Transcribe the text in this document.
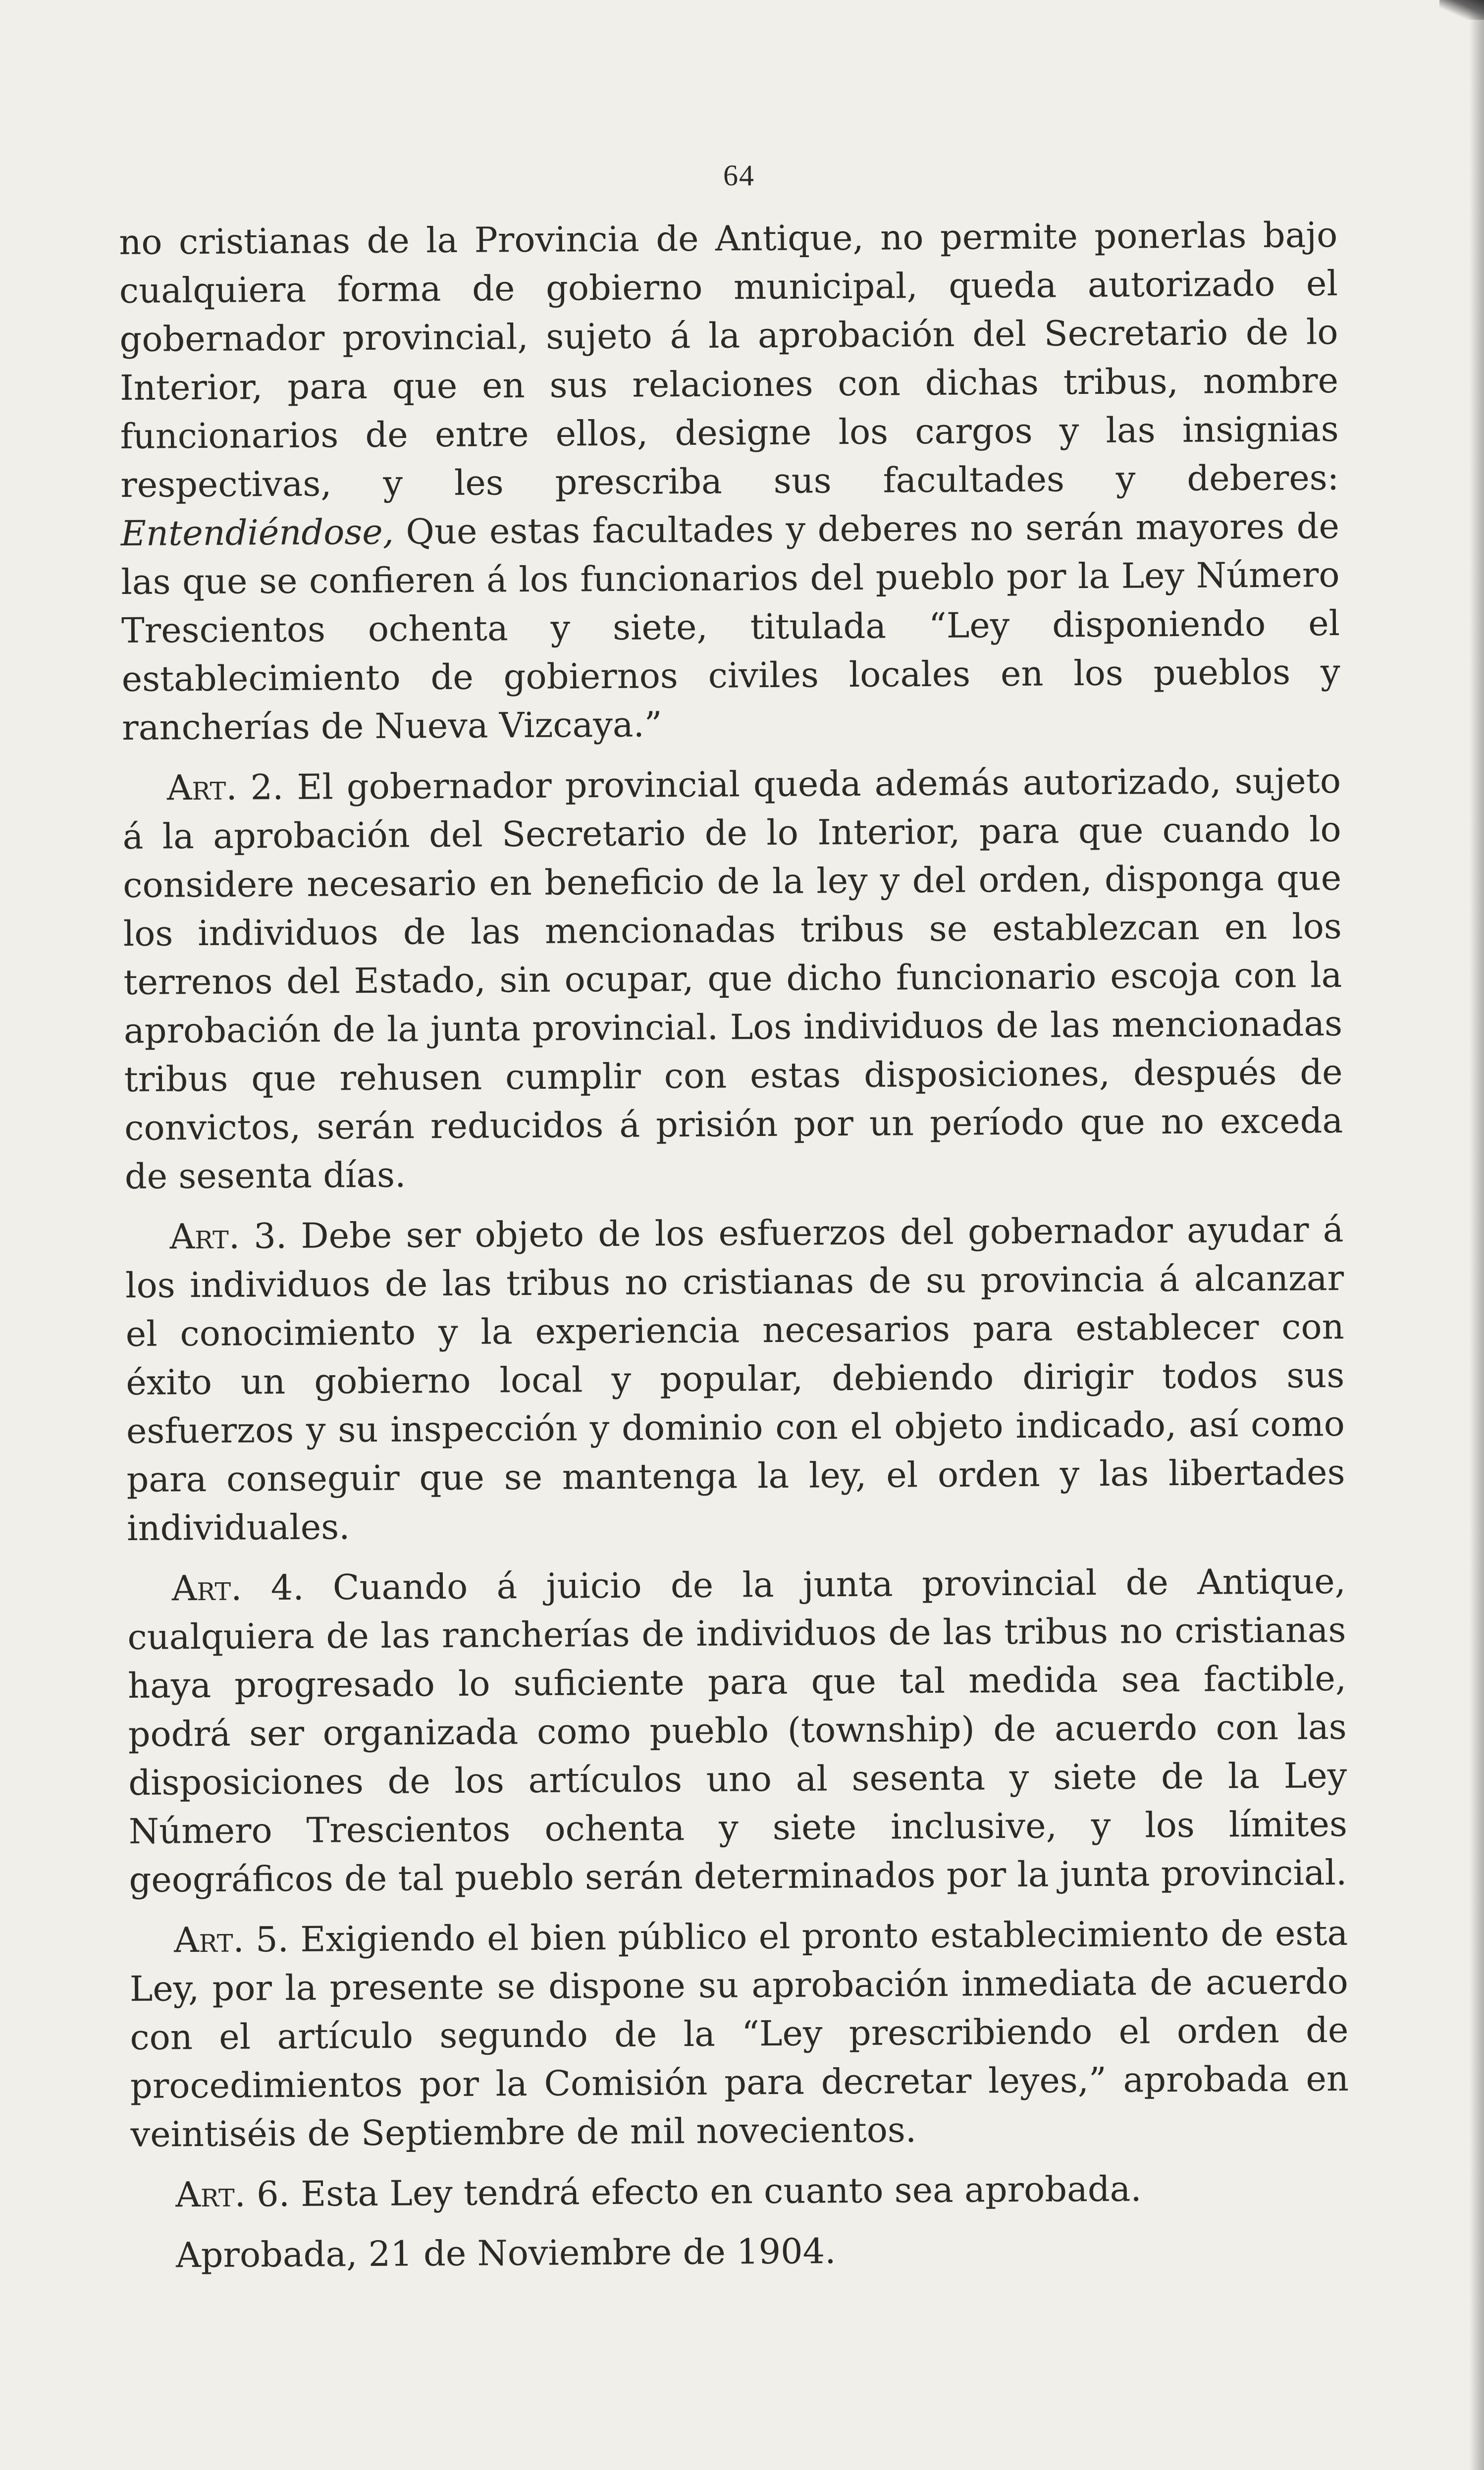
64

no cristianas de la Provincia de Antique, no permite ponerlas bajo cualquiera forma de gobierno municipal, queda autorizado el gobernador provincial, sujeto á la aprobación del Secretario de lo Interior, para que en sus relaciones con dichas tribus, nombre funcionarios de entre ellos, designe los cargos y las insignias respectivas, y les prescriba sus facultades y deberes: Entendiéndose, Que estas facultades y deberes no serán mayores de las que se confieren á los funcionarios del pueblo por la Ley Número Trescientos ochenta y siete, titulada “Ley disponiendo el establecimiento de gobiernos civiles locales en los pueblos y rancherías de Nueva Vizcaya.”

Art. 2. El gobernador provincial queda además autorizado, sujeto á la aprobación del Secretario de lo Interior, para que cuando lo considere necesario en beneficio de la ley y del orden, disponga que los individuos de las mencionadas tribus se establezcan en los terrenos del Estado, sin ocupar, que dicho funcionario escoja con la aprobación de la junta provincial. Los individuos de las mencionadas tribus que rehusen cumplir con estas disposiciones, después de convictos, serán reducidos á prisión por un período que no exceda de sesenta días.

Art. 3. Debe ser objeto de los esfuerzos del gobernador ayudar á los individuos de las tribus no cristianas de su provincia á alcanzar el conocimiento y la experiencia necesarios para establecer con éxito un gobierno local y popular, debiendo dirigir todos sus esfuerzos y su inspección y dominio con el objeto indicado, así como para conseguir que se mantenga la ley, el orden y las libertades individuales.

Art. 4. Cuando á juicio de la junta provincial de Antique, cualquiera de las rancherías de individuos de las tribus no cristianas haya progresado lo suficiente para que tal medida sea factible, podrá ser organizada como pueblo (township) de acuerdo con las disposiciones de los artículos uno al sesenta y siete de la Ley Número Trescientos ochenta y siete inclusive, y los límites geográficos de tal pueblo serán determinados por la junta provincial.

Art. 5. Exigiendo el bien público el pronto establecimiento de esta Ley, por la presente se dispone su aprobación inmediata de acuerdo con el artículo segundo de la “Ley prescribiendo el orden de procedimientos por la Comisión para decretar leyes,” aprobada en veintiséis de Septiembre de mil novecientos.

Art. 6. Esta Ley tendrá efecto en cuanto sea aprobada.

Aprobada, 21 de Noviembre de 1904.
